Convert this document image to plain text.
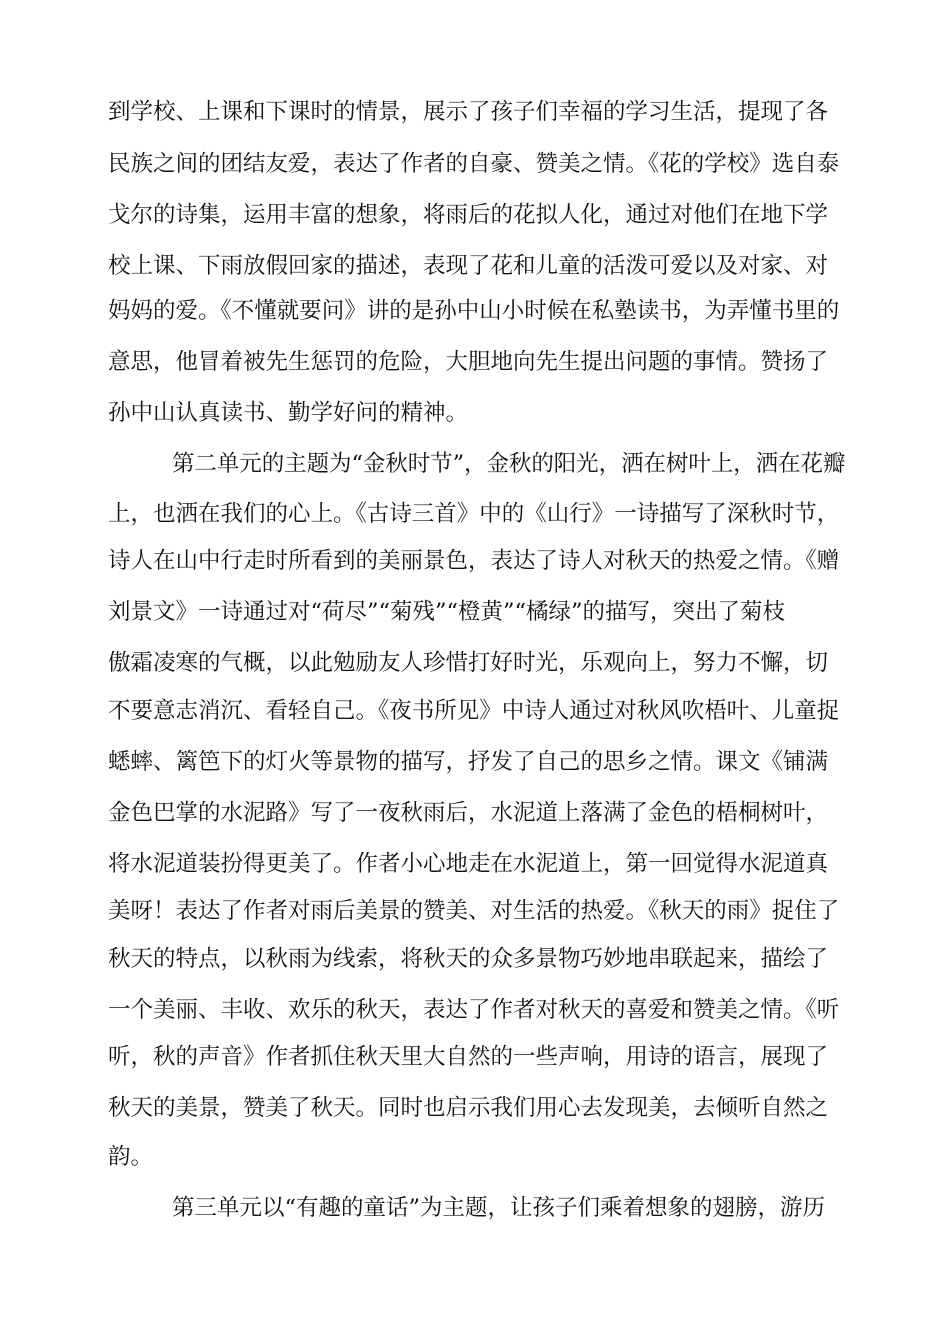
到学校、上课和下课时的情景，展示了孩子们幸福的学习生活，提现了各
民族之间的团结友爱，表达了作者的自豪、赞美之情。《花的学校》选自泰
戈尔的诗集，运用丰富的想象，将雨后的花拟人化，通过对他们在地下学
校上课、下雨放假回家的描述，表现了花和儿童的活泼可爱以及对家、对
妈妈的爱。《不懂就要问》讲的是孙中山小时候在私塾读书，为弄懂书里的
意思，他冒着被先生惩罚的危险，大胆地向先生提出问题的事情。赞扬了
孙中山认真读书、勤学好问的精神。
第二单元的主题为“金秋时节”，金秋的阳光，洒在树叶上，洒在花瓣
上，也洒在我们的心上。《古诗三首》中的《山行》一诗描写了深秋时节，
诗人在山中行走时所看到的美丽景色，表达了诗人对秋天的热爱之情。《赠
刘景文》一诗通过对“荷尽”“菊残”“橙黄”“橘绿”的描写，突出了菊枝
傲霜凌寒的气概，以此勉励友人珍惜打好时光，乐观向上，努力不懈，切
不要意志消沉、看轻自己。《夜书所见》中诗人通过对秋风吹梧叶、儿童捉
蟋蟀、篱笆下的灯火等景物的描写，抒发了自己的思乡之情。课文《铺满
金色巴掌的水泥路》写了一夜秋雨后，水泥道上落满了金色的梧桐树叶，
将水泥道装扮得更美了。作者小心地走在水泥道上，第一回觉得水泥道真
美呀！表达了作者对雨后美景的赞美、对生活的热爱。《秋天的雨》捉住了
秋天的特点，以秋雨为线索，将秋天的众多景物巧妙地串联起来，描绘了
一个美丽、丰收、欢乐的秋天，表达了作者对秋天的喜爱和赞美之情。《听
听，秋的声音》作者抓住秋天里大自然的一些声响，用诗的语言，展现了
秋天的美景，赞美了秋天。同时也启示我们用心去发现美，去倾听自然之
韵。
第三单元以“有趣的童话”为主题，让孩子们乘着想象的翅膀，游历
